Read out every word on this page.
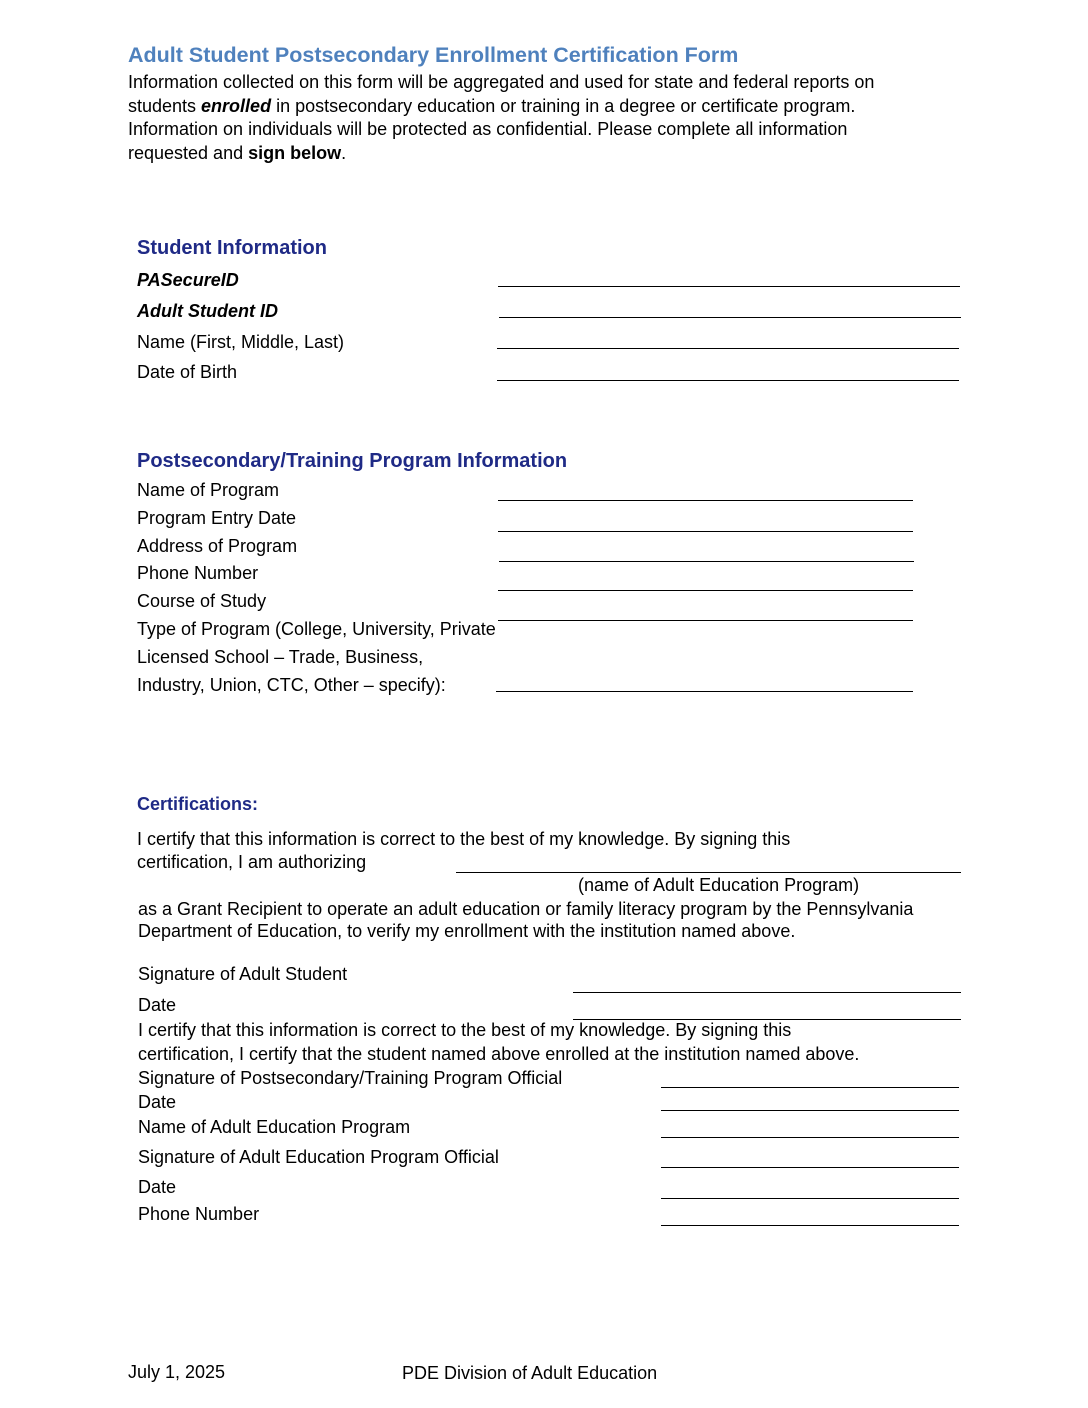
Adult Student Postsecondary Enrollment Certification Form
Information collected on this form will be aggregated and used for state and federal reports on students enrolled in postsecondary education or training in a degree or certificate program. Information on individuals will be protected as confidential. Please complete all information requested and sign below.
Student Information
PASecureID
Adult Student ID
Name (First, Middle, Last)
Date of Birth
Postsecondary/Training Program Information
Name of Program
Program Entry Date
Address of Program
Phone Number
Course of Study
Type of Program (College, University, Private
Licensed School – Trade, Business,
Industry, Union, CTC, Other – specify):
Certifications:
I certify that this information is correct to the best of my knowledge. By signing this
certification, I am authorizing
(name of Adult Education Program)
as a Grant Recipient to operate an adult education or family literacy program by the Pennsylvania Department of Education, to verify my enrollment with the institution named above.
Signature of Adult Student
Date
I certify that this information is correct to the best of my knowledge. By signing this
certification, I certify that the student named above enrolled at the institution named above.
Signature of Postsecondary/Training Program Official
Date
Name of Adult Education Program
Signature of Adult Education Program Official
Date
Phone Number
July 1, 2025	PDE Division of Adult Education
